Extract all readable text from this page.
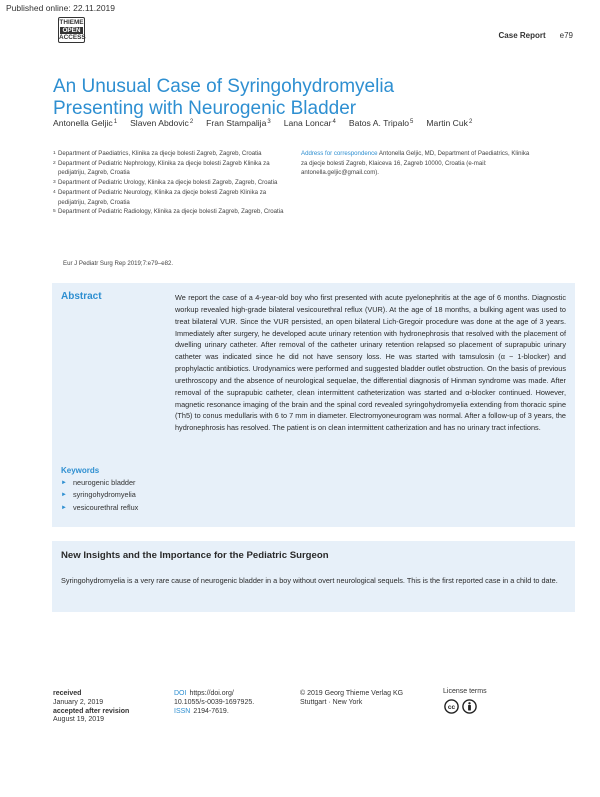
Published online: 22.11.2019
THIEME
OPEN
ACCESS	Case Report e79
An Unusual Case of Syringohydromyelia Presenting with Neurogenic Bladder
Antonella Geljic$^1$ Slaven Abdovic$^2$ Fran Stampalija$^3$ Lana Loncar$^4$ Batos A. Tripalo$^5$ Martin Cuk$^2$
1 Department of Paediatrics, Klinika za djecje bolesti Zagreb, Zagreb, Croatia
2 Department of Pediatric Nephrology, Klinika za djecje bolesti Zagreb Klinika za pedijatriju, Zagreb, Croatia
3 Department of Pediatric Urology, Klinika za djecje bolesti Zagreb, Zagreb, Croatia
4 Department of Pediatric Neurology, Klinika za djecje bolesti Zagreb Klinika za pedijatriju, Zagreb, Croatia
5 Department of Pediatric Radiology, Klinika za djecje bolesti Zagreb, Zagreb, Croatia
Address for correspondence Antonella Geljic, MD, Department of Paediatrics, Klinika za djecje bolesti Zagreb, Klaiceva 16, Zagreb 10000, Croatia (e-mail: antonella.geljic@gmail.com).
Eur J Pediatr Surg Rep 2019;7:e79–e82.
Abstract	We report the case of a 4-year-old boy who first presented with acute pyelonephritis at the age of 6 months. Diagnostic workup revealed high-grade bilateral vesicourethral reflux (VUR). At the age of 18 months, a bulking agent was used to treat bilateral VUR. Since the VUR persisted, an open bilateral Lich-Gregoir procedure was done at the age of 3 years. Immediately after surgery, he developed acute urinary retention with hydronephrosis that resolved with the placement of dwelling urinary catheter. After removal of the catheter urinary retention relapsed so placement of suprapubic urinary catheter was indicated since he did not have sensory loss. He was started with tamsulosin (α − 1-blocker) and prophylactic antibiotics. Urodynamics were performed and suggested bladder outlet obstruction. On the basis of previous urethroscopy and the absence of neurological sequelae, the differential diagnosis of Hinman syndrome was made. After removal of the suprapubic catheter, clean intermittent catheterization was started and α-blocker continued. However, magnetic resonance imaging of the brain and the spinal cord revealed syringohydromyelia extending from thoracic spine (Th5) to conus medullaris with 6 to 7 mm in diameter. Electromyoneurogram was normal. After a follow-up of 3 years, the hydronephrosis has resolved. The patient is on clean intermittent catherization and has no urinary tract infections.

Keywords
► neurogenic bladder
► syringohydromyelia
► vesicourethral reflux
New Insights and the Importance for the Pediatric Surgeon
Syringohydromyelia is a very rare cause of neurogenic bladder in a boy without overt neurological sequels. This is the first reported case in a child to date.
received
January 2, 2019
accepted after revision
August 19, 2019
DOI https://doi.org/
10.1055/s-0039-1697925.
ISSN 2194-7619.
© 2019 Georg Thieme Verlag KG
Stuttgart · New York
License terms
cc
